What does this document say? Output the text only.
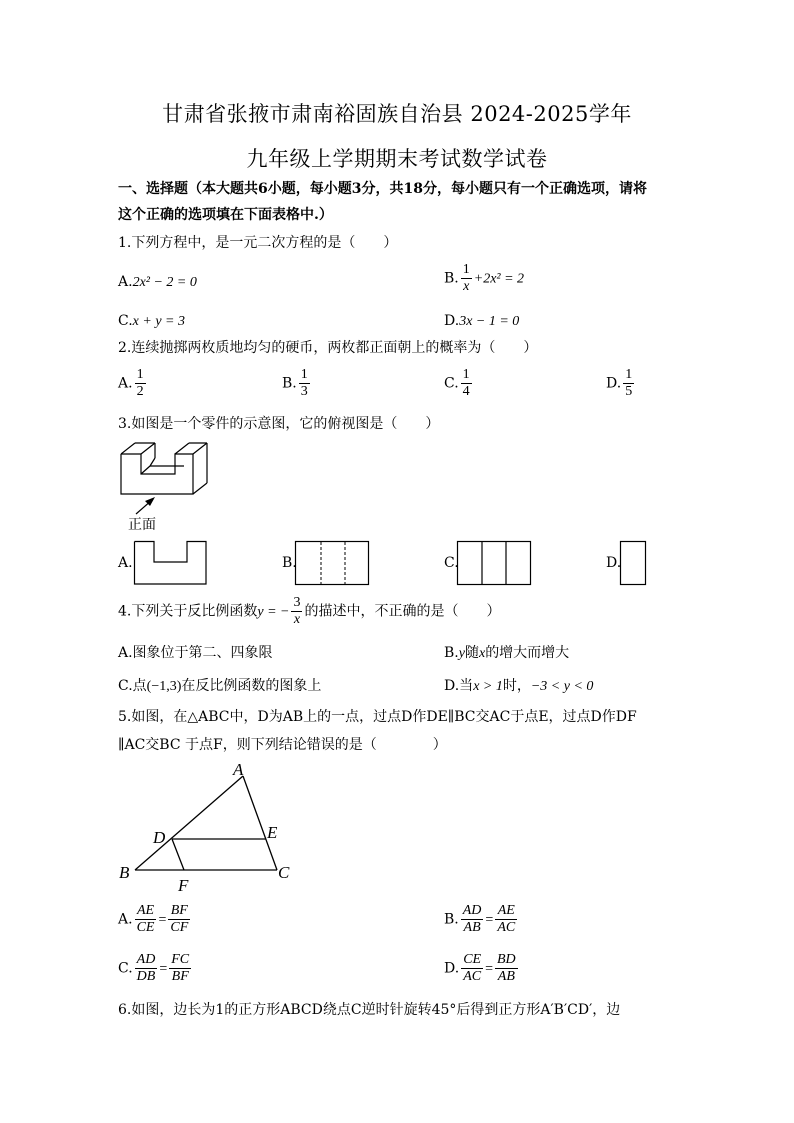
甘肃省张掖市肃南裕固族自治县 2024-2025学年
九年级上学期期末考试数学试卷
一、选择题（本大题共6小题，每小题3分，共18分，每小题只有一个正确选项，请将
这个正确的选项填在下面表格中.）
1.下列方程中，是一元二次方程的是（　　）
A.2x² − 2 = 0	B. $\frac{1}{x} +2x^2 = 2$
C.x + y = 3	D.3x − 1 = 0
2.连续抛掷两枚质地均匀的硬币，两枚都正面朝上的概率为（　　）
A. $\frac{1}{2}$	B. $\frac{1}{3}$	C. $\frac{1}{4}$	D. $\frac{1}{5}$
3.如图是一个零件的示意图，它的俯视图是（　　）
正面
A.	B.	C.	D.
4.下列关于反比例函数y = − $\frac{3}{x}$ 的描述中，不正确的是（　　）
A.图象位于第二、四象限	B.y随x的增大而增大
C.点(−1,3)在反比例函数的图象上	D.当x > 1时，−3 < y < 0
5.如图，在△ABC中，D为AB上的一点，过点D作DE∥BC交AC于点E，过点D作DF
∥AC交BC 于点F，则下列结论错误的是（　　　　）
A
B	C
D	E
F
A. $\frac{AE}{CE} = \frac{BF}{CF}$	B. $\frac{AD}{AB} = \frac{AE}{AC}$
C. $\frac{AD}{DB} = \frac{FC}{BF}$	D. $\frac{CE}{AC} = \frac{BD}{AB}$
6.如图，边长为1的正方形ABCD绕点C逆时针旋转45°后得到正方形A′B′CD′，边
